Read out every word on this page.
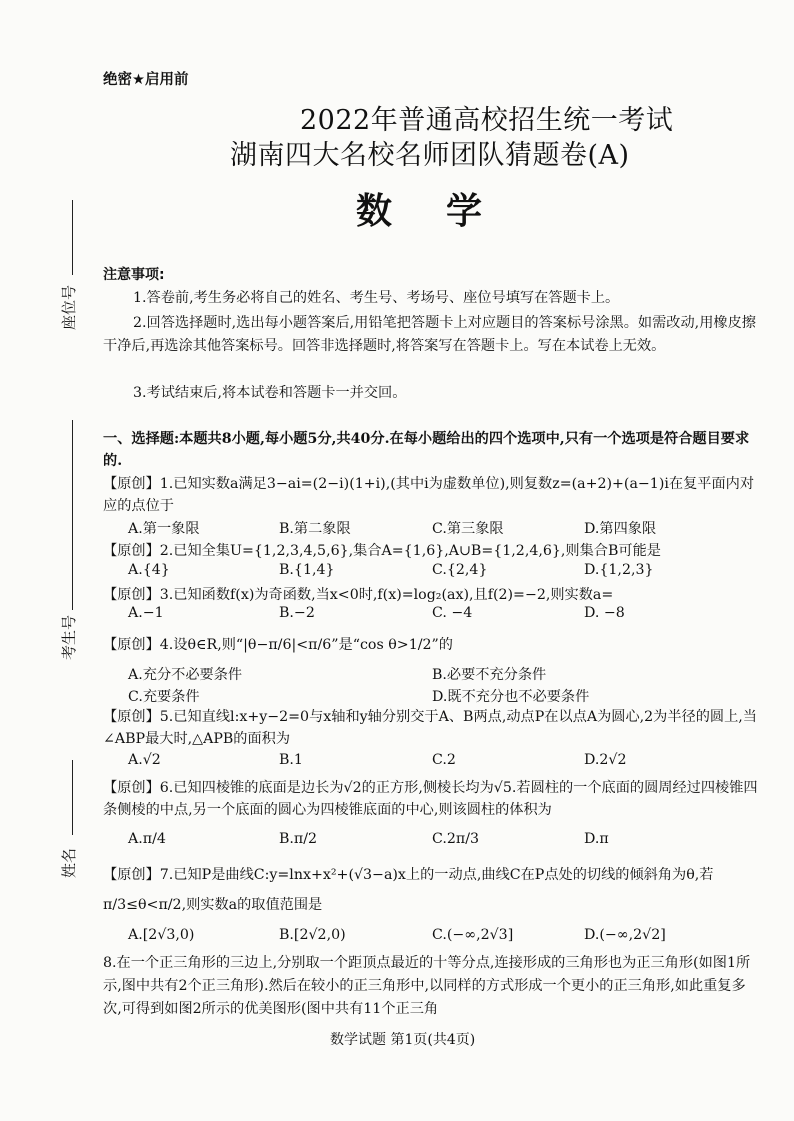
绝密★启用前
2022年普通高校招生统一考试
湖南四大名校名师团队猜题卷(A)
数学
座位号
考生号
姓名
注意事项:
1.答卷前,考生务必将自己的姓名、考生号、考场号、座位号填写在答题卡上。
2.回答选择题时,选出每小题答案后,用铅笔把答题卡上对应题目的答案标号涂黑。如需改动,用橡皮擦干净后,再选涂其他答案标号。回答非选择题时,将答案写在答题卡上。写在本试卷上无效。
3.考试结束后,将本试卷和答题卡一并交回。
一、选择题:本题共8小题,每小题5分,共40分.在每小题给出的四个选项中,只有一个选项是符合题目要求的.
【原创】1.已知实数a满足3−ai=(2−i)(1+i),(其中i为虚数单位),则复数z=(a+2)+(a−1)i在复平面内对应的点位于
A.第一象限	B.第二象限	C.第三象限	D.第四象限
【原创】2.已知全集U={1,2,3,4,5,6},集合A={1,6},A∪B={1,2,4,6},则集合B可能是
A.{4}	B.{1,4}	C.{2,4}	D.{1,2,3}
【原创】3.已知函数f(x)为奇函数,当x<0时,f(x)=log₂(ax),且f(2)=−2,则实数a=
A.−1	B.−2	C. −4	D. −8
【原创】4.设θ∈R,则“|θ−π/6|<π/6”是“cos θ>1/2”的
A.充分不必要条件	B.必要不充分条件
C.充要条件	D.既不充分也不必要条件
【原创】5.已知直线l:x+y−2=0与x轴和y轴分别交于A、B两点,动点P在以点A为圆心,2为半径的圆上,当∠ABP最大时,△APB的面积为
A.√2	B.1	C.2	D.2√2
【原创】6.已知四棱锥的底面是边长为√2的正方形,侧棱长均为√5.若圆柱的一个底面的圆周经过四棱锥四条侧棱的中点,另一个底面的圆心为四棱锥底面的中心,则该圆柱的体积为
A.π/4	B.π/2	C.2π/3	D.π
【原创】7.已知P是曲线C:y=lnx+x²+(√3−a)x上的一动点,曲线C在P点处的切线的倾斜角为θ,若π/3≤θ<π/2,则实数a的取值范围是
A.[2√3,0)	B.[2√2,0)	C.(−∞,2√3]	D.(−∞,2√2]
8.在一个正三角形的三边上,分别取一个距顶点最近的十等分点,连接形成的三角形也为正三角形(如图1所示,图中共有2个正三角形).然后在较小的正三角形中,以同样的方式形成一个更小的正三角形,如此重复多次,可得到如图2所示的优美图形(图中共有11个正三角
数学试题 第1页(共4页)
